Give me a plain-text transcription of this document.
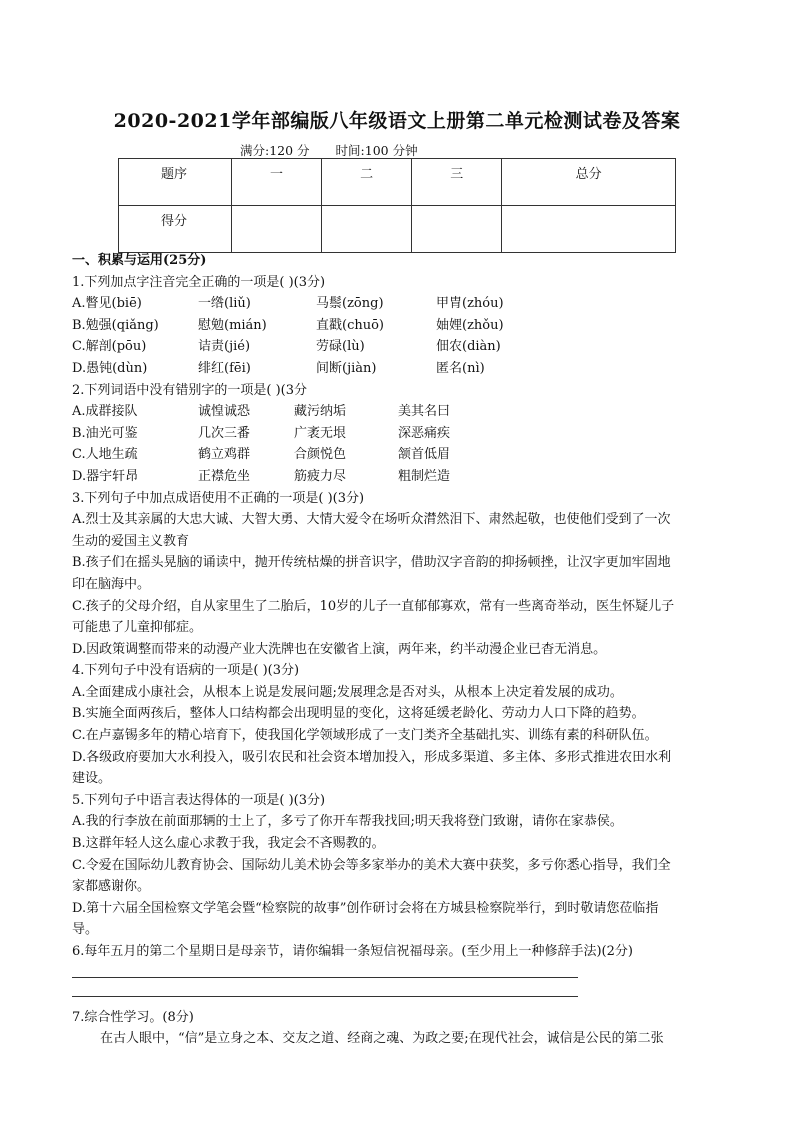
2020-2021学年部编版八年级语文上册第二单元检测试卷及答案
满分:120 分 时间:100 分钟
题序	一	二	三	总分
得分				
一、积累与运用(25分)
1.下列加点字注音完全正确的一项是( )(3分)
A.瞥见(biē)	一绺(liǔ)	马鬃(zōng)	甲胄(zhóu)
B.勉强(qiǎng)	慰勉(mián)	直戳(chuō)	妯娌(zhǒu)
C.解剖(pōu)	诘责(jié)	劳碌(lù)	佃农(diàn)
D.愚钝(dùn)	绯红(fēi)	间断(jiàn)	匿名(nì)
2.下列词语中没有错别字的一项是( )(3分
A.成群接队	诚惶诚恐	藏污纳垢	美其名曰
B.油光可鉴	几次三番	广袤无垠	深恶痛疾
C.人地生疏	鹤立鸡群	合颜悦色	颔首低眉
D.器宇轩昂	正襟危坐	筋疲力尽	粗制烂造
3.下列句子中加点成语使用不正确的一项是( )(3分)
A.烈士及其亲属的大忠大诚、大智大勇、大情大爱令在场听众潸然泪下、肃然起敬，也使他们受到了一次
生动的爱国主义教育
B.孩子们在摇头晃脑的诵读中，抛开传统枯燥的拼音识字，借助汉字音韵的抑扬顿挫，让汉字更加牢固地
印在脑海中。
C.孩子的父母介绍，自从家里生了二胎后，10岁的儿子一直郁郁寡欢，常有一些离奇举动，医生怀疑儿子
可能患了儿童抑郁症。
D.因政策调整而带来的动漫产业大洗牌也在安徽省上演，两年来，约半动漫企业已杳无消息。
4.下列句子中没有语病的一项是( )(3分)
A.全面建成小康社会，从根本上说是发展问题;发展理念是否对头，从根本上决定着发展的成功。
B.实施全面两孩后，整体人口结构都会出现明显的变化，这将延缓老龄化、劳动力人口下降的趋势。
C.在卢嘉锡多年的精心培育下，使我国化学领域形成了一支门类齐全基础扎实、训练有素的科研队伍。
D.各级政府要加大水利投入，吸引农民和社会资本增加投入，形成多渠道、多主体、多形式推进农田水利
建设。
5.下列句子中语言表达得体的一项是( )(3分)
A.我的行李放在前面那辆的士上了，多亏了你开车帮我找回;明天我将登门致谢，请你在家恭侯。
B.这群年轻人这么虚心求教于我，我定会不吝赐教的。
C.令爱在国际幼儿教育协会、国际幼儿美术协会等多家举办的美术大赛中获奖，多亏你悉心指导，我们全
家都感谢你。
D.第十六届全国检察文学笔会暨“检察院的故事”创作研讨会将在方城县检察院举行，到时敬请您莅临指
导。
6.每年五月的第二个星期日是母亲节，请你编辑一条短信祝福母亲。(至少用上一种修辞手法)(2分)
7.综合性学习。(8分)
在古人眼中，“信”是立身之本、交友之道、经商之魂、为政之要;在现代社会，诚信是公民的第二张
